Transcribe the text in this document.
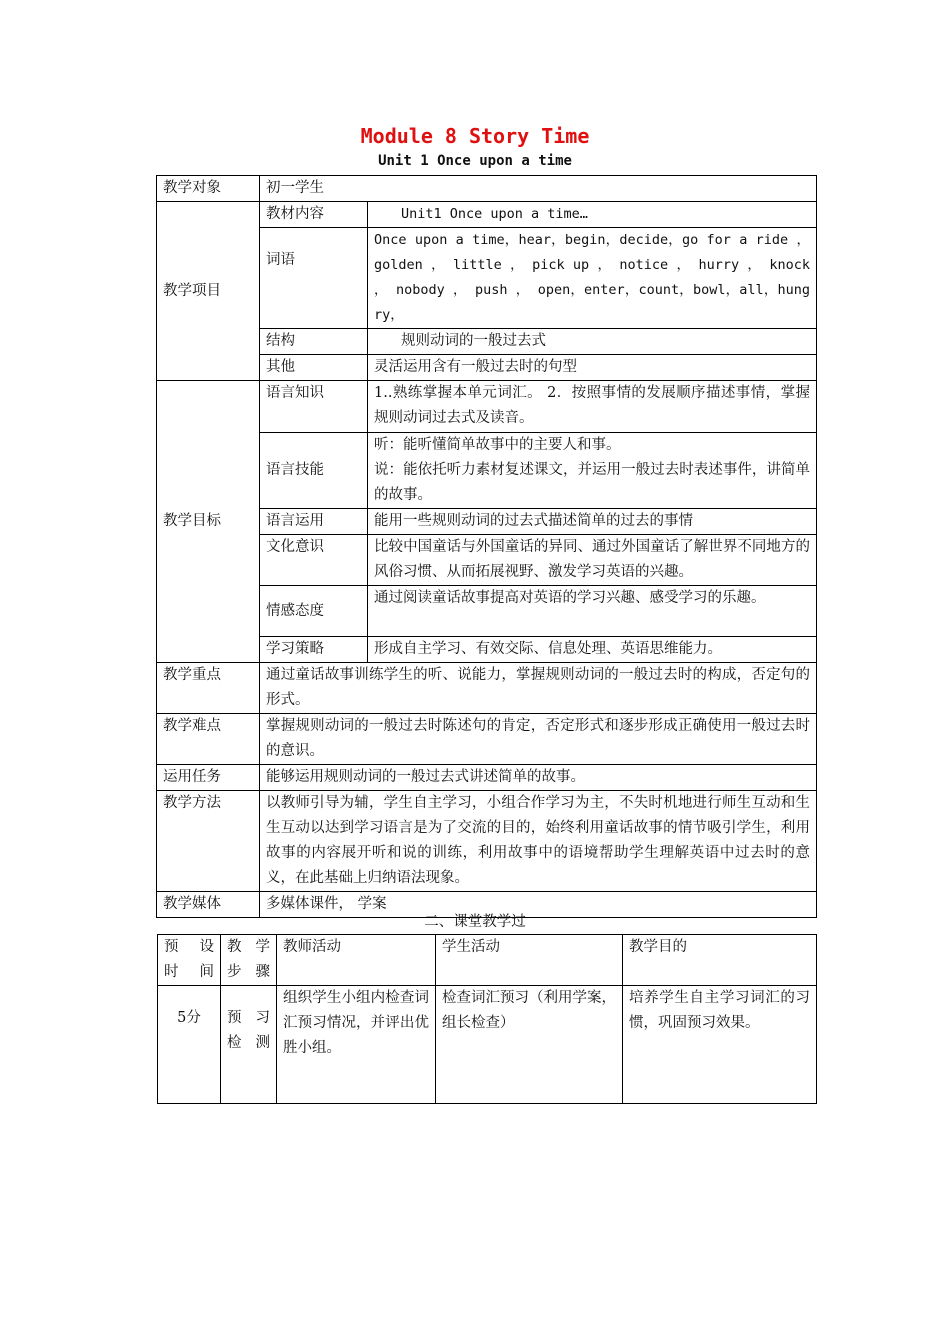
Module 8 Story Time
Unit 1 Once upon a time
教学对象	初一学生	
教学项目	教材内容	Unit1 Once upon a time…
	词语	Once upon a time，hear，begin，decide，go for a ride ， golden ， little ， pick up ， notice ， hurry ， knock ， nobody ， push ， open，enter，count，bowl，all，hungry，
	结构	规则动词的一般过去式
	其他	灵活运用含有一般过去时的句型
教学目标	语言知识	1..熟练掌握本单元词汇。 2．按照事情的发展顺序描述事情，掌握规则动词过去式及读音。
	语言技能	听：能听懂简单故事中的主要人和事。
说：能依托听力素材复述课文，并运用一般过去时表述事件，讲简单的故事。

	语言运用	能用一些规则动词的过去式描述简单的过去的事情
	文化意识	比较中国童话与外国童话的异同、通过外国童话了解世界不同地方的风俗习惯、从而拓展视野、激发学习英语的兴趣。
	情感态度	通过阅读童话故事提高对英语的学习兴趣、感受学习的乐趣。
	学习策略	形成自主学习、有效交际、信息处理、英语思维能力。
教学重点	通过童话故事训练学生的听、说能力，掌握规则动词的一般过去时的构成，否定句的形式。	
教学难点	掌握规则动词的一般过去时陈述句的肯定，否定形式和逐步形成正确使用一般过去时的意识。	
运用任务	能够运用规则动词的一般过去式讲述简单的故事。	
教学方法	以教师引导为辅，学生自主学习，小组合作学习为主，不失时机地进行师生互动和生生互动以达到学习语言是为了交流的目的，始终利用童话故事的情节吸引学生，利用故事的内容展开听和说的训练，利用故事中的语境帮助学生理解英语中过去时的意义，在此基础上归纳语法现象。	
教学媒体	多媒体课件， 学案	
二、课堂教学过
预 设 时间	教 学 步骤	教师活动	学生活动	教学目的
5分	预 习 检测	组织学生小组内检查词汇预习情况，并评出优胜小组。	检查词汇预习（利用学案，组长检查）	培养学生自主学习词汇的习惯，巩固预习效果。
